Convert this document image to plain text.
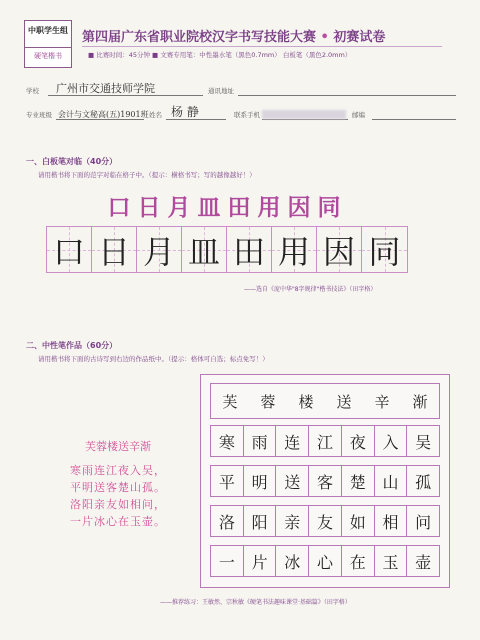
中职学生组
硬笔楷书
第四届广东省职业院校汉字书写技能大赛 • 初赛试卷
■ 比赛时间：45分钟 ■ 文赛专用笔：中性墨水笔（黑色0.7mm） 白板笔（黑色2.0mm）
学校 广州市交通技师学院	通讯地址
专业班级 会计与文秘高(五)1901班 姓名 杨 静	联系手机	邮编
一、白板笔对临（40分）
请用楷书将下面的范字对临在格子中。（提示：横格书写；写的越像越好！）
口 日 月 皿 田 用 因 同
口 日 月 皿 田 用 因 同
——选自《庞中华"8字规律"楷书技法》（田字格）
二、中性笔作品（60分）
请用楷书将下面的古诗写到右边的作品纸中。（提示：格体可自选；标点免写！）
芙蓉楼送辛渐
寒雨连江夜入吴，
平明送客楚山孤。
洛阳亲友如相问，
一片冰心在玉壶。
芙 蓉 楼 送 辛 渐
寒	雨	连	江	夜	入	吴
平	明	送	客	楚	山	孤
洛	阳	亲	友	如	相	问
一	片	冰	心	在	玉	壶
——推荐练习：王敏然、宗秋敏《硬笔书法趣味课堂·基础篇》（田字格）
